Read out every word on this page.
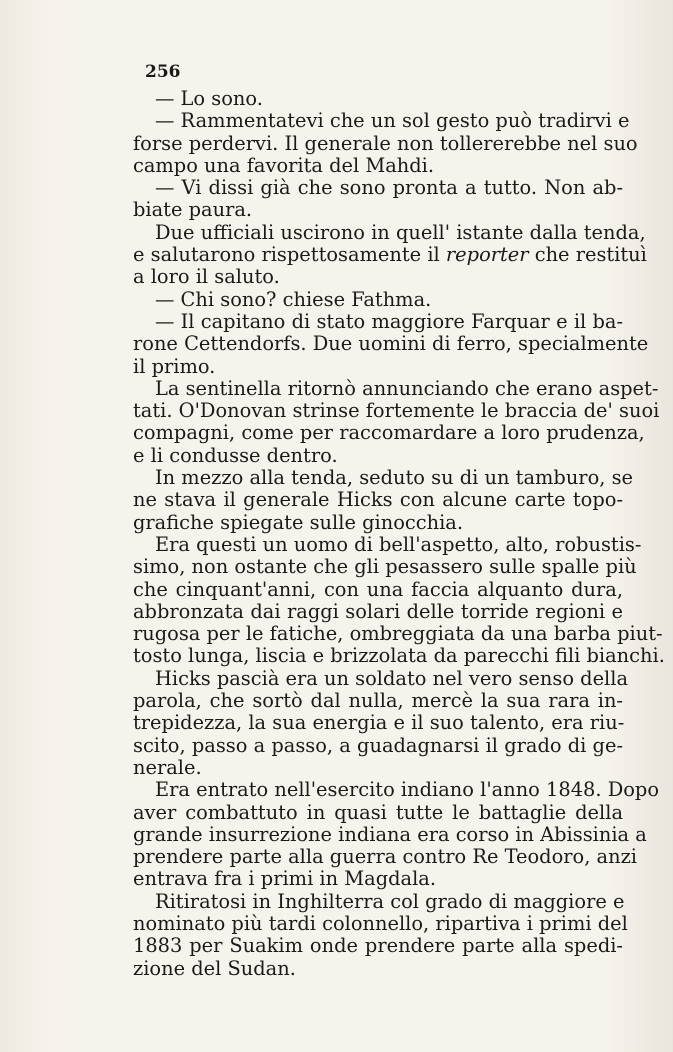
256
— Lo sono.
— Rammentatevi che un sol gesto può tradirvi e
forse perdervi. Il generale non tollererebbe nel suo
campo una favorita del Mahdi.
— Vi dissi già che sono pronta a tutto. Non ab-
biate paura.
Due ufficiali uscirono in quell' istante dalla tenda,
e salutarono rispettosamente il reporter che restituì
a loro il saluto.
— Chi sono? chiese Fathma.
— Il capitano di stato maggiore Farquar e il ba-
rone Cettendorfs. Due uomini di ferro, specialmente
il primo.
La sentinella ritornò annunciando che erano aspet-
tati. O'Donovan strinse fortemente le braccia de' suoi
compagni, come per raccomardare a loro prudenza,
e li condusse dentro.
In mezzo alla tenda, seduto su di un tamburo, se
ne stava il generale Hicks con alcune carte topo-
grafiche spiegate sulle ginocchia.
Era questi un uomo di bell'aspetto, alto, robustis-
simo, non ostante che gli pesassero sulle spalle più
che cinquant'anni, con una faccia alquanto dura,
abbronzata dai raggi solari delle torride regioni e
rugosa per le fatiche, ombreggiata da una barba piut-
tosto lunga, liscia e brizzolata da parecchi fili bianchi.
Hicks pascià era un soldato nel vero senso della
parola, che sortò dal nulla, mercè la sua rara in-
trepidezza, la sua energia e il suo talento, era riu-
scito, passo a passo, a guadagnarsi il grado di ge-
nerale.
Era entrato nell'esercito indiano l'anno 1848. Dopo
aver combattuto in quasi tutte le battaglie della
grande insurrezione indiana era corso in Abissinia a
prendere parte alla guerra contro Re Teodoro, anzi
entrava fra i primi in Magdala.
Ritiratosi in Inghilterra col grado di maggiore e
nominato più tardi colonnello, ripartiva i primi del
1883 per Suakim onde prendere parte alla spedi-
zione del Sudan.
